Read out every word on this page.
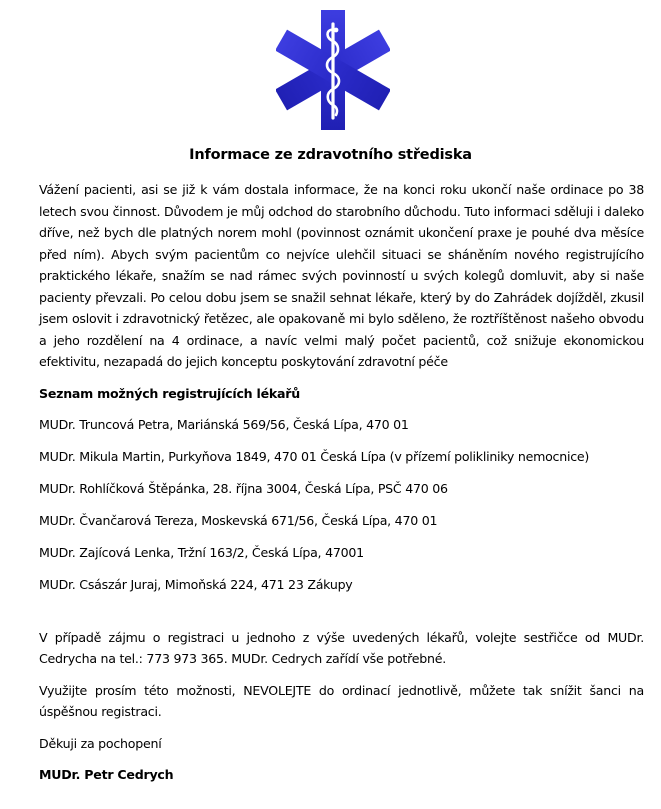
Informace ze zdravotního střediska

Vážení pacienti, asi se již k vám dostala informace, že na konci roku ukončí naše ordinace po 38 letech svou činnost. Důvodem je můj odchod do starobního důchodu. Tuto informaci sděluji i daleko dříve, než bych dle platných norem mohl (povinnost oznámit ukončení praxe je pouhé dva měsíce před ním). Abych svým pacientům co nejvíce ulehčil situaci se sháněním nového registrujícího praktického lékaře, snažím se nad rámec svých povinností u svých kolegů domluvit, aby si naše pacienty převzali. Po celou dobu jsem se snažil sehnat lékaře, který by do Zahrádek dojížděl, zkusil jsem oslovit i zdravotnický řetězec, ale opakovaně mi bylo sděleno, že roztříštěnost našeho obvodu a jeho rozdělení na 4 ordinace, a navíc velmi malý počet pacientů, což snižuje ekonomickou efektivitu, nezapadá do jejich konceptu poskytování zdravotní péče

Seznam možných registrujících lékařů

MUDr. Truncová Petra, Mariánská 569/56, Česká Lípa, 470 01

MUDr. Mikula Martin, Purkyňova 1849, 470 01 Česká Lípa (v přízemí polikliniky nemocnice)

MUDr. Rohlíčková Štěpánka, 28. října 3004, Česká Lípa, PSČ 470 06

MUDr. Čvančarová Tereza, Moskevská 671/56, Česká Lípa, 470 01

MUDr. Zajícová Lenka, Tržní 163/2, Česká Lípa, 47001

MUDr. Császár Juraj, Mimoňská 224, 471 23 Zákupy

V případě zájmu o registraci u jednoho z výše uvedených lékařů, volejte sestřičce od MUDr. Cedrycha na tel.: 773 973 365. MUDr. Cedrych zařídí vše potřebné.

Využijte prosím této možnosti, NEVOLEJTE do ordinací jednotlivě, můžete tak snížit šanci na úspěšnou registraci.

Děkuji za pochopení

MUDr. Petr Cedrych
